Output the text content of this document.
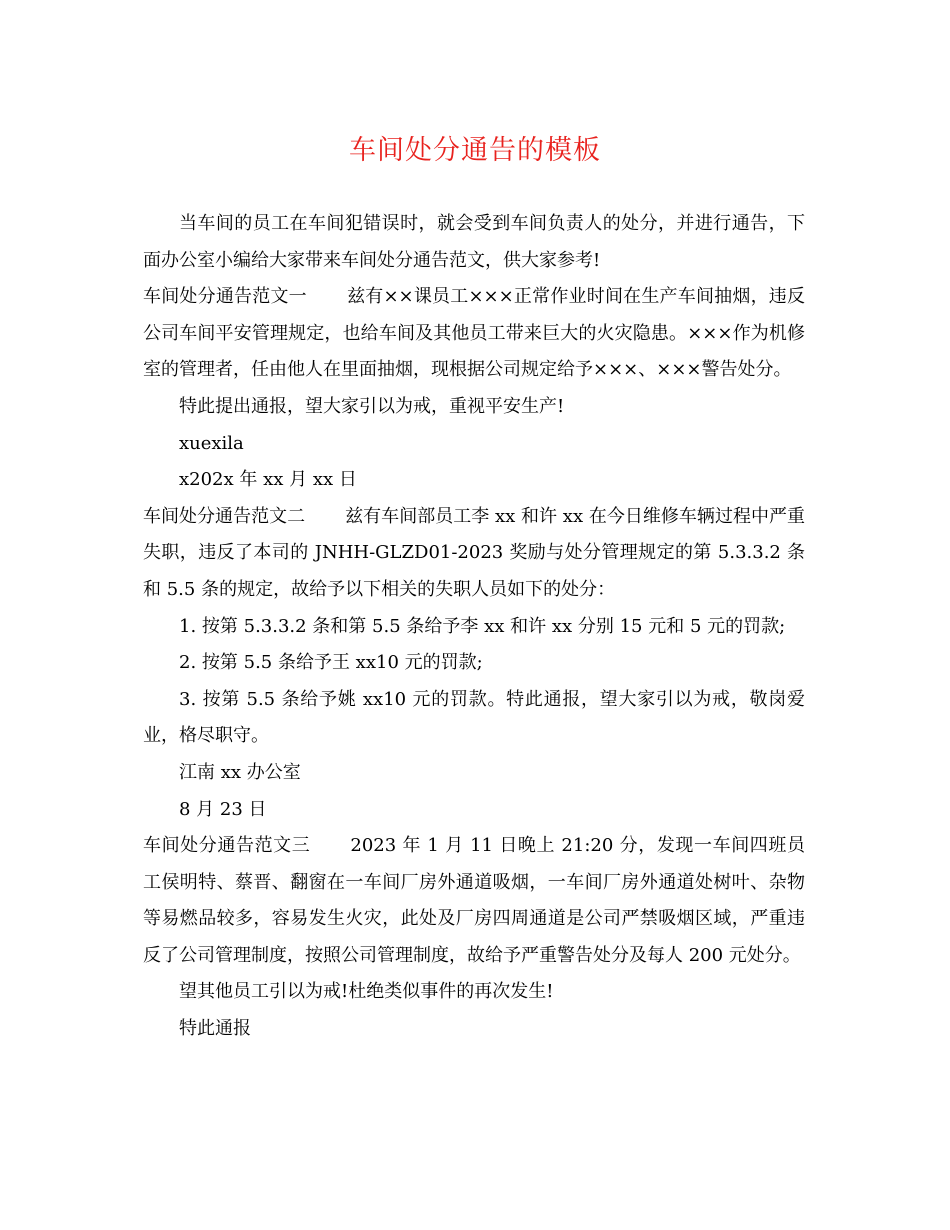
车间处分通告的模板

当车间的员工在车间犯错误时，就会受到车间负责人的处分，并进行通告，下面办公室小编给大家带来车间处分通告范文，供大家参考!

车间处分通告范文一 兹有××课员工×××正常作业时间在生产车间抽烟，违反公司车间平安管理规定，也给车间及其他员工带来巨大的火灾隐患。×××作为机修室的管理者，任由他人在里面抽烟，现根据公司规定给予×××、×××警告处分。

特此提出通报，望大家引以为戒，重视平安生产!

xuexila

x202x 年 xx 月 xx 日

车间处分通告范文二 兹有车间部员工李 xx 和许 xx 在今日维修车辆过程中严重失职，违反了本司的 JNHH-GLZD01-2023 奖励与处分管理规定的第 5.3.3.2 条和 5.5 条的规定，故给予以下相关的失职人员如下的处分：

1. 按第 5.3.3.2 条和第 5.5 条给予李 xx 和许 xx 分别 15 元和 5 元的罚款;

2. 按第 5.5 条给予王 xx10 元的罚款;

3. 按第 5.5 条给予姚 xx10 元的罚款。特此通报，望大家引以为戒，敬岗爱业，格尽职守。

江南 xx 办公室

8 月 23 日

车间处分通告范文三 2023 年 1 月 11 日晚上 21:20 分，发现一车间四班员工侯明特、蔡晋、翻窗在一车间厂房外通道吸烟，一车间厂房外通道处树叶、杂物等易燃品较多，容易发生火灾，此处及厂房四周通道是公司严禁吸烟区域，严重违反了公司管理制度，按照公司管理制度，故给予严重警告处分及每人 200 元处分。

望其他员工引以为戒!杜绝类似事件的再次发生!

特此通报
